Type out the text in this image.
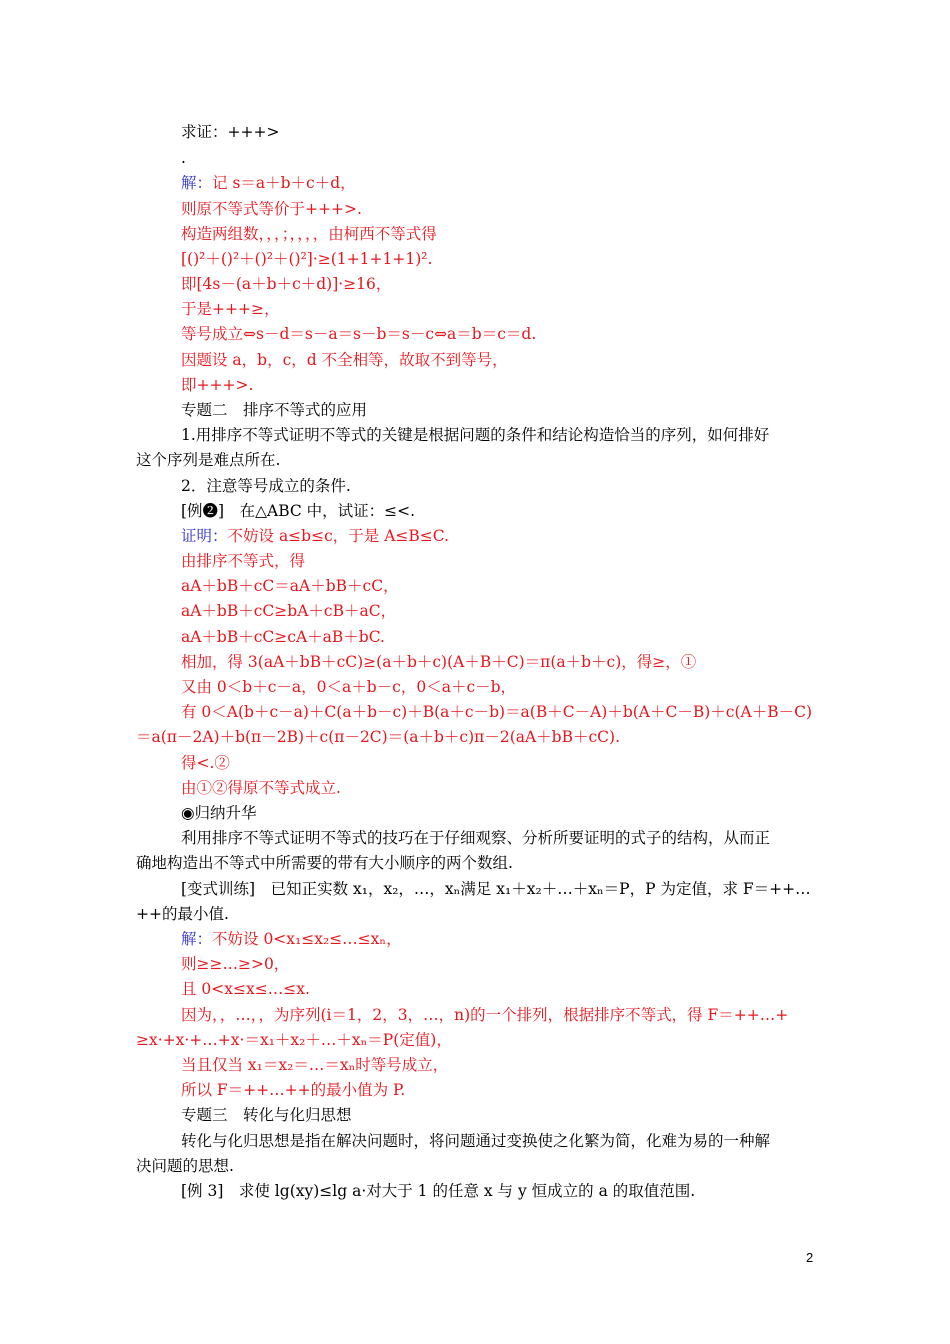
求证：+++>
.
解：记 s＝a＋b＋c＋d，
则原不等式等价于+++>.
构造两组数，，，；，，，，由柯西不等式得
[()²＋()²＋()²＋()²]·≥(1+1+1+1)².
即[4s－(a＋b＋c＋d)]·≥16，
于是+++≥，
等号成立⇔s－d＝s－a＝s－b＝s－c⇔a＝b＝c＝d.
因题设 a，b，c，d 不全相等，故取不到等号，
即+++>.
专题二　排序不等式的应用
1.用排序不等式证明不等式的关键是根据问题的条件和结论构造恰当的序列，如何排好
这个序列是难点所在.
2．注意等号成立的条件.
[例❷]　在△ABC 中，试证：≤<.
证明：不妨设 a≤b≤c，于是 A≤B≤C.
由排序不等式，得
aA＋bB＋cC＝aA＋bB＋cC，
aA＋bB＋cC≥bA＋cB＋aC，
aA＋bB＋cC≥cA＋aB＋bC.
相加，得 3(aA＋bB＋cC)≥(a＋b＋c)(A＋B＋C)＝π(a＋b＋c)，得≥，①
又由 0＜b＋c－a，0＜a＋b－c，0＜a＋c－b，
有 0＜A(b＋c－a)＋C(a＋b－c)＋B(a＋c－b)＝a(B＋C－A)＋b(A＋C－B)＋c(A＋B－C)
＝a(π－2A)＋b(π－2B)＋c(π－2C)＝(a＋b＋c)π－2(aA＋bB＋cC).
得<.②
由①②得原不等式成立.
◉归纳升华
利用排序不等式证明不等式的技巧在于仔细观察、分析所要证明的式子的结构，从而正
确地构造出不等式中所需要的带有大小顺序的两个数组.
[变式训练]　已知正实数 x₁，x₂，…，xₙ满足 x₁＋x₂＋…＋xₙ＝P，P 为定值，求 F＝++…
++的最小值.
解：不妨设 0<x₁≤x₂≤…≤xₙ，
则≥≥…≥>0，
且 0<x≤x≤…≤x.
因为，，…，，为序列(i＝1，2，3，…，n)的一个排列，根据排序不等式，得 F＝++…+
≥x·+x·+…+x·＝x₁＋x₂＋…＋xₙ＝P(定值)，
当且仅当 x₁＝x₂＝…＝xₙ时等号成立，
所以 F＝++…++的最小值为 P.
专题三　转化与化归思想
转化与化归思想是指在解决问题时，将问题通过变换使之化繁为简，化难为易的一种解
决问题的思想.
[例 3]　求使 lg(xy)≤lg a·对大于 1 的任意 x 与 y 恒成立的 a 的取值范围.
2
